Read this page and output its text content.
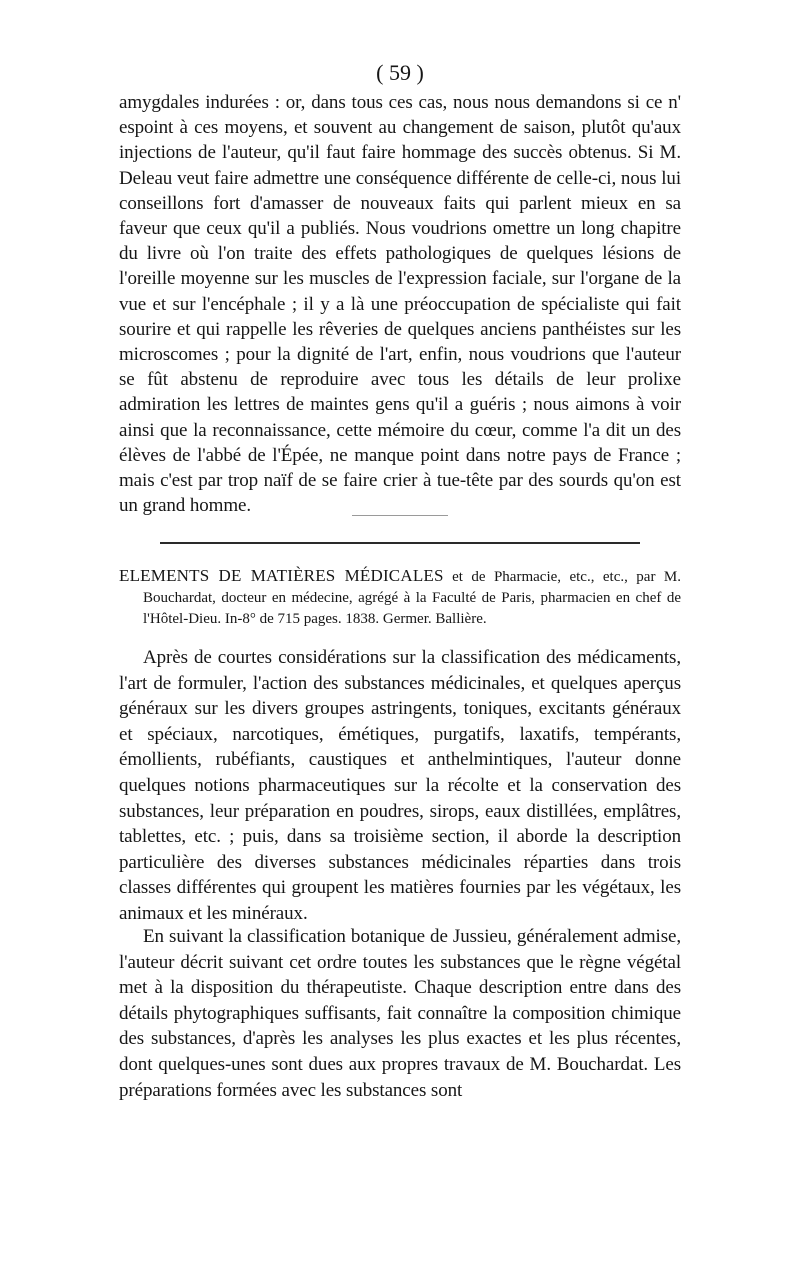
( 59 )

amygdales indurées : or, dans tous ces cas, nous nous demandons si ce n' espoint à ces moyens, et souvent au changement de saison, plutôt qu'aux injections de l'auteur, qu'il faut faire hommage des succès obtenus. Si M. Deleau veut faire admettre une conséquence différente de celle-ci, nous lui conseillons fort d'amasser de nouveaux faits qui parlent mieux en sa faveur que ceux qu'il a publiés. Nous voudrions omettre un long chapitre du livre où l'on traite des effets pathologiques de quelques lésions de l'oreille moyenne sur les muscles de l'expression faciale, sur l'organe de la vue et sur l'encéphale ; il y a là une préoccupation de spécialiste qui fait sourire et qui rappelle les rêveries de quelques anciens panthéistes sur les microscomes ; pour la dignité de l'art, enfin, nous voudrions que l'auteur se fût abstenu de reproduire avec tous les détails de leur prolixe admiration les lettres de maintes gens qu'il a guéris ; nous aimons à voir ainsi que la reconnaissance, cette mémoire du cœur, comme l'a dit un des élèves de l'abbé de l'Épée, ne manque point dans notre pays de France ; mais c'est par trop naïf de se faire crier à tue-tête par des sourds qu'on est un grand homme.

ELEMENTS DE MATIÈRES MÉDICALES et de Pharmacie, etc., etc., par M. Bouchardat, docteur en médecine, agrégé à la Faculté de Paris, pharmacien en chef de l'Hôtel-Dieu. In-8° de 715 pages. 1838. Germer. Ballière.

Après de courtes considérations sur la classification des médicaments, l'art de formuler, l'action des substances médicinales, et quelques aperçus généraux sur les divers groupes astringents, toniques, excitants généraux et spéciaux, narcotiques, émétiques, purgatifs, laxatifs, tempérants, émollients, rubéfiants, caustiques et anthelmintiques, l'auteur donne quelques notions pharmaceutiques sur la récolte et la conservation des substances, leur préparation en poudres, sirops, eaux distillées, emplâtres, tablettes, etc. ; puis, dans sa troisième section, il aborde la description particulière des diverses substances médicinales réparties dans trois classes différentes qui groupent les matières fournies par les végétaux, les animaux et les minéraux.

En suivant la classification botanique de Jussieu, généralement admise, l'auteur décrit suivant cet ordre toutes les substances que le règne végétal met à la disposition du thérapeutiste. Chaque description entre dans des détails phytographiques suffisants, fait connaître la composition chimique des substances, d'après les analyses les plus exactes et les plus récentes, dont quelques-unes sont dues aux propres travaux de M. Bouchardat. Les préparations formées avec les substances sont
